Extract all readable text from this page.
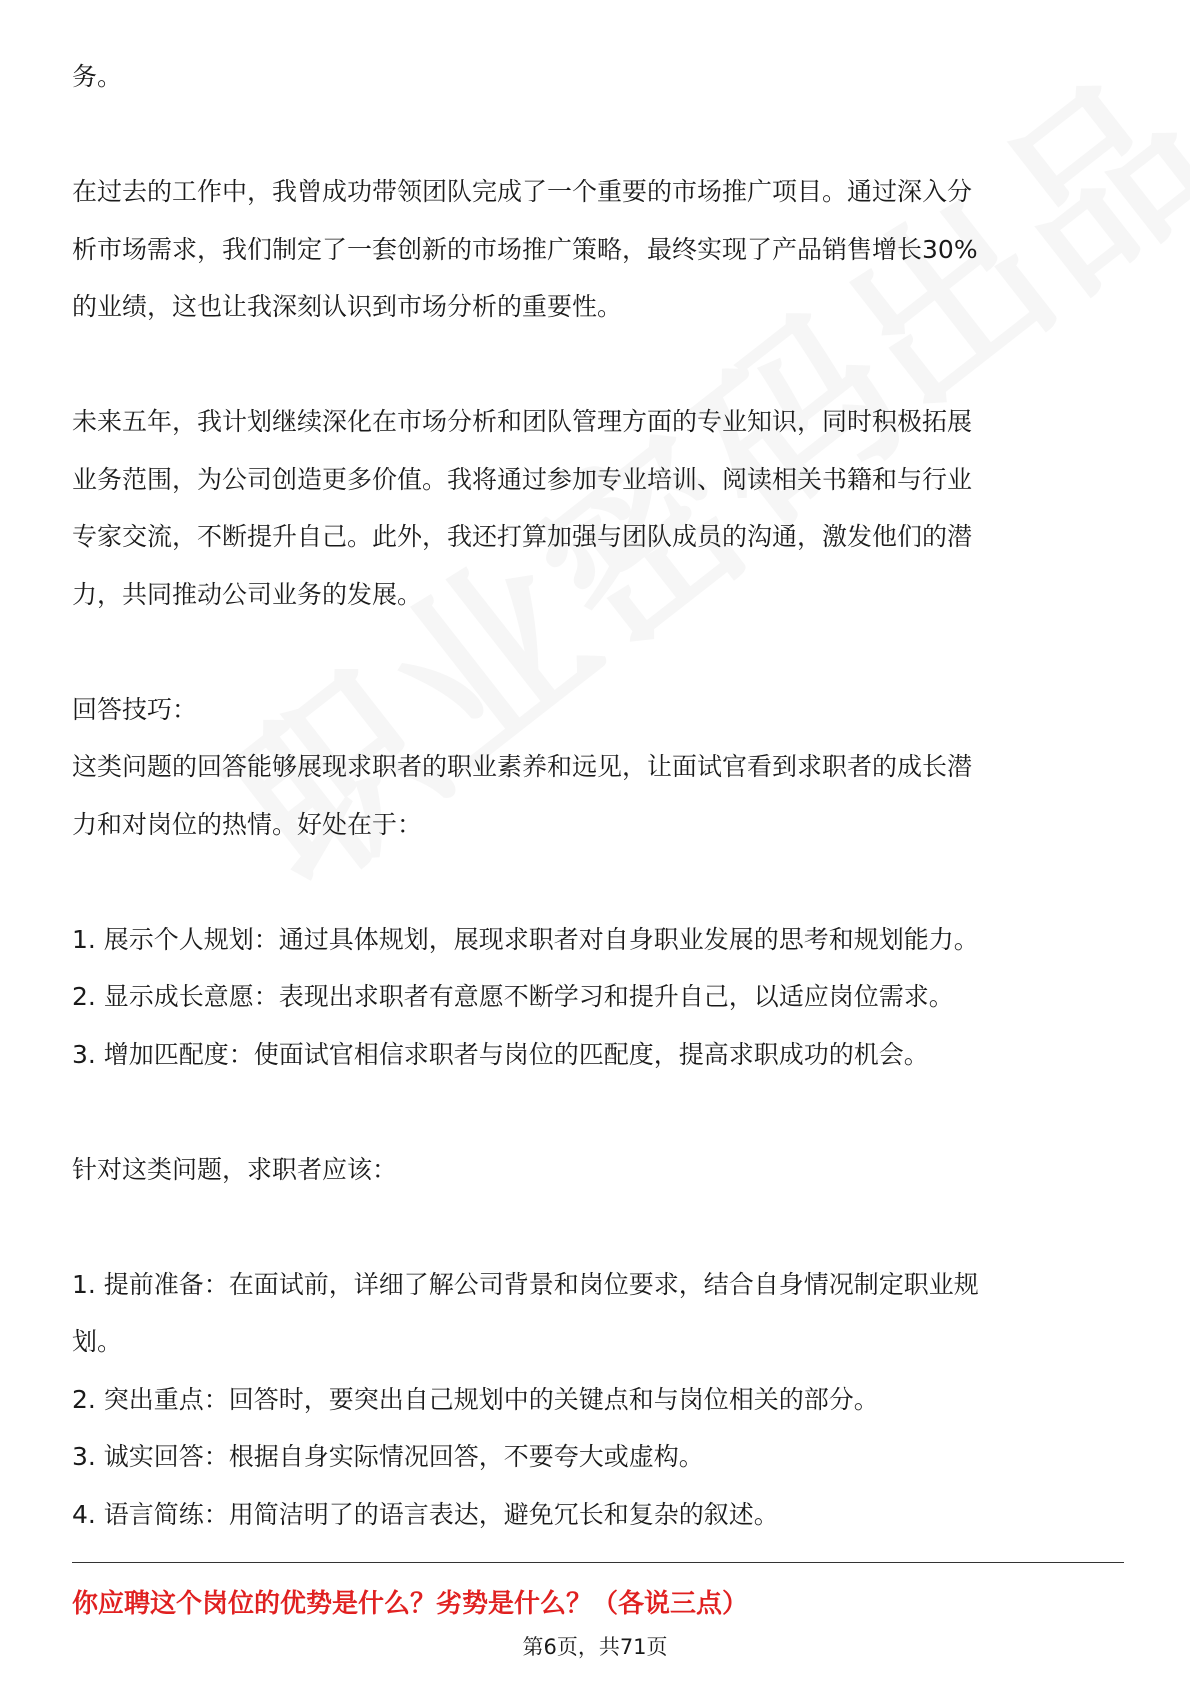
务。

在过去的工作中，我曾成功带领团队完成了一个重要的市场推广项目。通过深入分

析市场需求，我们制定了一套创新的市场推广策略，最终实现了产品销售增长30%

的业绩，这也让我深刻认识到市场分析的重要性。

未来五年，我计划继续深化在市场分析和团队管理方面的专业知识，同时积极拓展

业务范围，为公司创造更多价值。我将通过参加专业培训、阅读相关书籍和与行业

专家交流，不断提升自己。此外，我还打算加强与团队成员的沟通，激发他们的潜

力，共同推动公司业务的发展。

回答技巧：

这类问题的回答能够展现求职者的职业素养和远见，让面试官看到求职者的成长潜

力和对岗位的热情。好处在于：

1. 展示个人规划：通过具体规划，展现求职者对自身职业发展的思考和规划能力。

2. 显示成长意愿：表现出求职者有意愿不断学习和提升自己，以适应岗位需求。

3. 增加匹配度：使面试官相信求职者与岗位的匹配度，提高求职成功的机会。

针对这类问题，求职者应该：

1. 提前准备：在面试前，详细了解公司背景和岗位要求，结合自身情况制定职业规

划。

2. 突出重点：回答时，要突出自己规划中的关键点和与岗位相关的部分。

3. 诚实回答：根据自身实际情况回答，不要夸大或虚构。

4. 语言简练：用简洁明了的语言表达，避免冗长和复杂的叙述。

你应聘这个岗位的优势是什么？劣势是什么？（各说三点）
第6页，共71页
